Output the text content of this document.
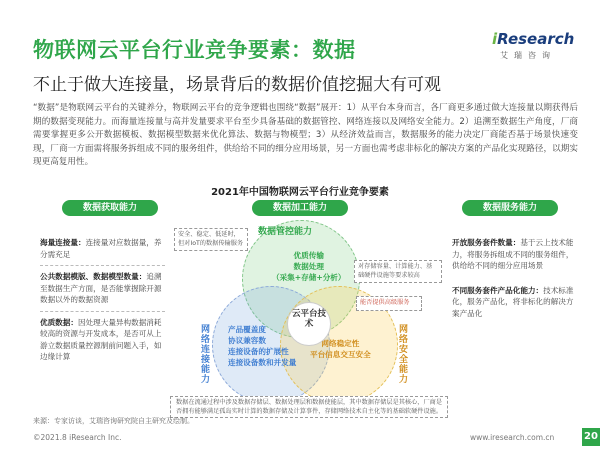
物联网云平台行业竞争要素：数据
不止于做大连接量，场景背后的数据价值挖掘大有可观
iResearch
艾瑞咨询
“数据”是物联网云平台的关键养分，物联网云平台的竞争逻辑也围绕“数据”展开：1）从平台本身而言，各厂商更多通过做大连接量以期获得后期的数据变现能力。而海量连接量与高并发量要求平台至少具备基础的数据管控、网络连接以及网络安全能力。2）追溯至数据生产角度，厂商需要掌握更多公开数据模板、数据模型数据来优化算法、数据与物模型；3）从经济效益而言，数据服务的能力决定厂商能否基于场景快速变现，厂商一方面需将服务拆组成不同的服务组件，供给给不同的细分应用场景，另一方面也需考虑非标化的解决方案的产品化实现路径，以期实现更高复用性。
2021年中国物联网云平台行业竞争要素
数据获取能力	数据加工能力	数据服务能力
海量连接量：连接量对应数据量，养分需充足
公共数据模版、数据模型数量：追溯至数据生产方面，是否能掌握除开源数据以外的数据资源
优质数据：因处理大量异构数据消耗较高的资源与开发成本，是否可从上游立数据质量控源制前问题入手，如边缘计算
开放服务套件数量：基于云上技术能力，将服务拆组成不同的服务组件，供给给不同的细分应用场景
不同服务套件产品化能力：技术标准化，服务产品化，将非标化的解决方案产品化
数据管控能力
网络连接能力	网络安全能力
优质传输
数据处理
（采集+存储+分析）
产品覆盖度
协议兼容数
连接设备的扩展性
连接设备数和并发量
网络稳定性
平台信息交互安全
云平台技术
安全、稳定、低延时，但对IoT的数据传输服务
对存储容量、计算能力、基础硬件设施等要求较高
能否提供高级服务
数据在流通过程中涉及数据存储层、数据处理层和数据使能层，其中数据存储层是其核心，厂商是否拥有能够满足孤岛实时计算的数据存储及计算事件，存储网络技术自主化等的基础软硬件设施。
来源：专家访谈，艾瑞咨询研究院自主研究及绘制。
©2021.8 iResearch Inc.	www.iresearch.com.cn	20
